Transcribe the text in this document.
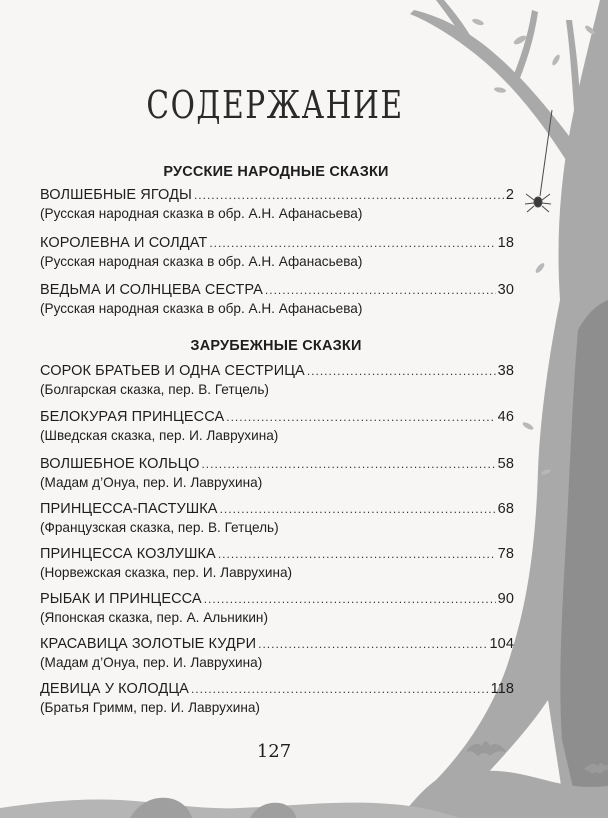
СОДЕРЖАНИЕ
РУССКИЕ НАРОДНЫЕ СКАЗКИ
ВОЛШЕБНЫЕ ЯГОДЫ .....	2
(Русская народная сказка в обр. А.Н. Афанасьева)
КОРОЛЕВНА И СОЛДАТ .....	18
(Русская народная сказка в обр. А.Н. Афанасьева)
ВЕДЬМА И СОЛНЦЕВА СЕСТРА .....	30
(Русская народная сказка в обр. А.Н. Афанасьева)
ЗАРУБЕЖНЫЕ СКАЗКИ
СОРОК БРАТЬЕВ И ОДНА СЕСТРИЦА .....	38
(Болгарская сказка, пер. В. Гетцель)
БЕЛОКУРАЯ ПРИНЦЕССА .....	46
(Шведская сказка, пер. И. Лаврухина)
ВОЛШЕБНОЕ КОЛЬЦО .....	58
(Мадам д’Онуа, пер. И. Лаврухина)
ПРИНЦЕССА-ПАСТУШКА .....	68
(Французская сказка, пер. В. Гетцель)
ПРИНЦЕССА КОЗЛУШКА .....	78
(Норвежская сказка, пер. И. Лаврухина)
РЫБАК И ПРИНЦЕССА .....	90
(Японская сказка, пер. А. Альникин)
КРАСАВИЦА ЗОЛОТЫЕ КУДРИ .....	104
(Мадам д’Онуа, пер. И. Лаврухина)
ДЕВИЦА У КОЛОДЦА .....	118
(Братья Гримм, пер. И. Лаврухина)
127
